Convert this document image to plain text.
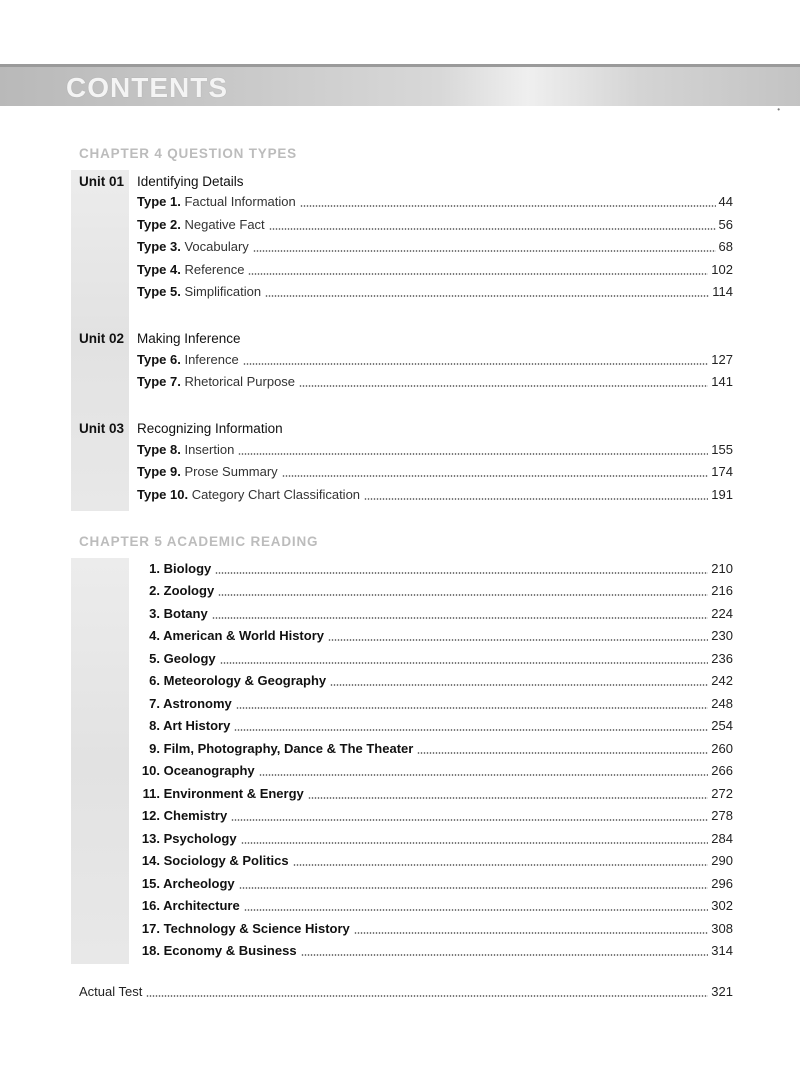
CONTENTS
•
CHAPTER 4 QUESTION TYPES
Unit 01 Identifying Details
Type 1. Factual Information	44
Type 2. Negative Fact	56
Type 3. Vocabulary	68
Type 4. Reference	102
Type 5. Simplification	114
Unit 02 Making Inference
Type 6. Inference	127
Type 7. Rhetorical Purpose	141
Unit 03 Recognizing Information
Type 8. Insertion	155
Type 9. Prose Summary	174
Type 10. Category Chart Classification	191
CHAPTER 5 ACADEMIC READING
1. Biology	210
2. Zoology	216
3. Botany	224
4. American & World History	230
5. Geology	236
6. Meteorology & Geography	242
7. Astronomy	248
8. Art History	254
9. Film, Photography, Dance & The Theater	260
10. Oceanography	266
11. Environment & Energy	272
12. Chemistry	278
13. Psychology	284
14. Sociology & Politics	290
15. Archeology	296
16. Architecture	302
17. Technology & Science History	308
18. Economy & Business	314
Actual Test	321
